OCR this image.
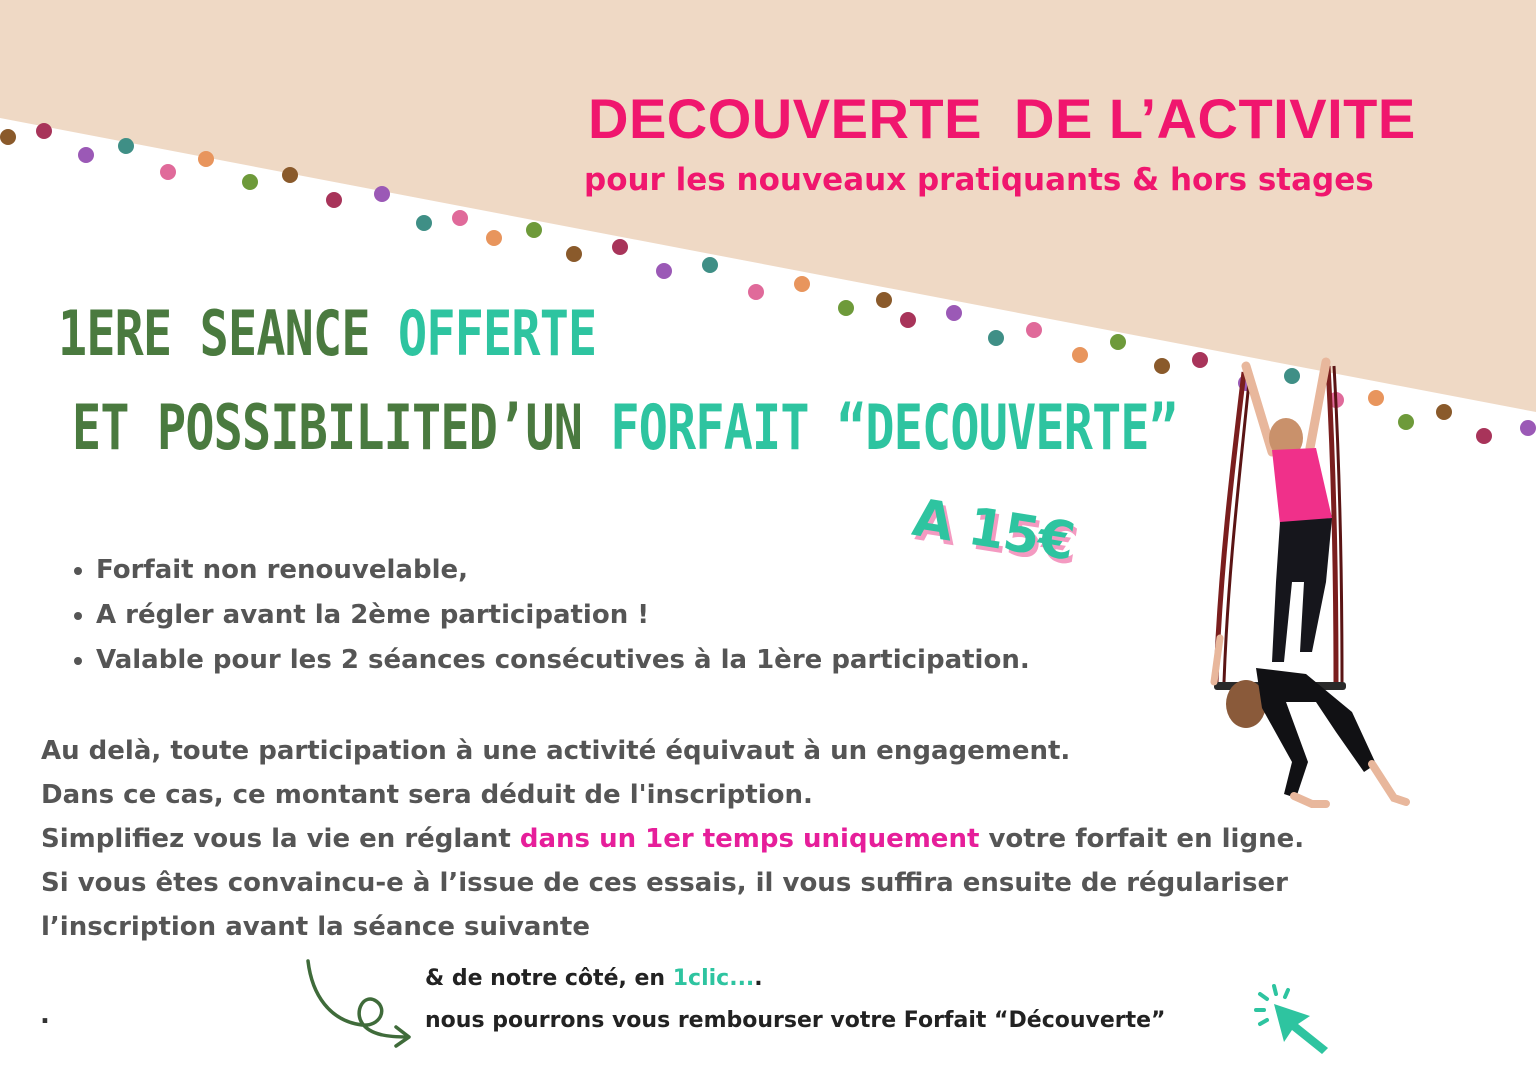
DECOUVERTE  DE L’ACTIVITE
pour les nouveaux pratiquants & hors stages
1ERE SEANCE OFFERTE
ET POSSIBILITED’UN FORFAIT “DECOUVERTE”
A 15€
• Forfait non renouvelable,
• A régler avant la 2ème participation !
• Valable pour les 2 séances consécutives à la 1ère participation.
Au delà, toute participation à une activité équivaut à un engagement.
Dans ce cas, ce montant sera déduit de l'inscription.
Simplifiez vous la vie en réglant dans un 1er temps uniquement votre forfait en ligne.
Si vous êtes convaincu-e à l’issue de ces essais, il vous suffira ensuite de régulariser
l’inscription avant la séance suivante
.
& de notre côté, en 1clic....
nous pourrons vous rembourser votre Forfait “Découverte”
